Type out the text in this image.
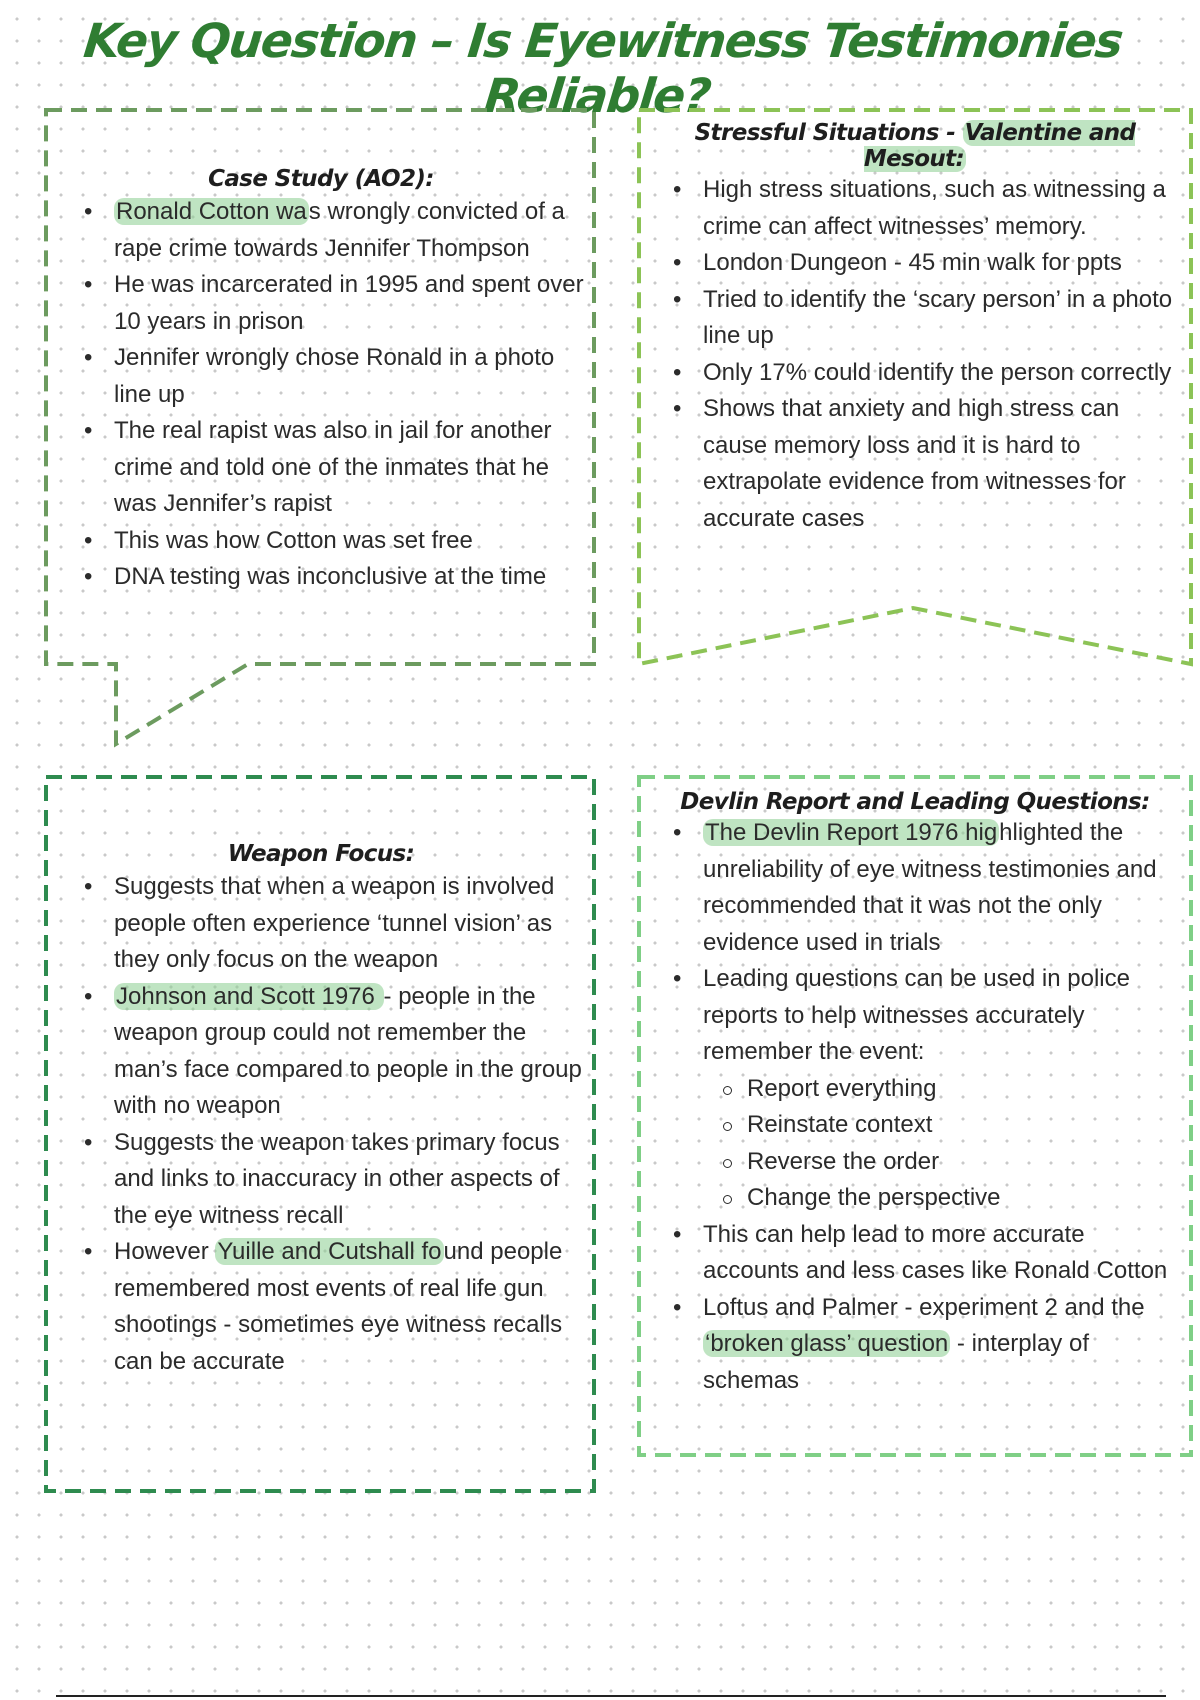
Key Question – Is Eyewitness Testimonies Reliable?
Case Study (AO2):
• Ronald Cotton was wrongly convicted of a rape crime towards Jennifer Thompson
• He was incarcerated in 1995 and spent over 10 years in prison
• Jennifer wrongly chose Ronald in a photo line up
• The real rapist was also in jail for another crime and told one of the inmates that he was Jennifer’s rapist
• This was how Cotton was set free
• DNA testing was inconclusive at the time
Stressful Situations - Valentine and Mesout:
• High stress situations, such as witnessing a crime can affect witnesses’ memory.
• London Dungeon - 45 min walk for ppts
• Tried to identify the ‘scary person’ in a photo line up
• Only 17% could identify the person correctly
• Shows that anxiety and high stress can cause memory loss and it is hard to extrapolate evidence from witnesses for accurate cases
Weapon Focus:
• Suggests that when a weapon is involved people often experience ‘tunnel vision’ as they only focus on the weapon
• Johnson and Scott 1976 - people in the weapon group could not remember the man’s face compared to people in the group with no weapon
• Suggests the weapon takes primary focus and links to inaccuracy in other aspects of the eye witness recall
• However Yuille and Cutshall found people remembered most events of real life gun shootings - sometimes eye witness recalls can be accurate
Devlin Report and Leading Questions:
• The Devlin Report 1976 highlighted the unreliability of eye witness testimonies and recommended that it was not the only evidence used in trials
• Leading questions can be used in police reports to help witnesses accurately remember the event:
Report everything
Reinstate context
Reverse the order
Change the perspective
• This can help lead to more accurate accounts and less cases like Ronald Cotton
• Loftus and Palmer - experiment 2 and the ‘broken glass’ question - interplay of schemas
